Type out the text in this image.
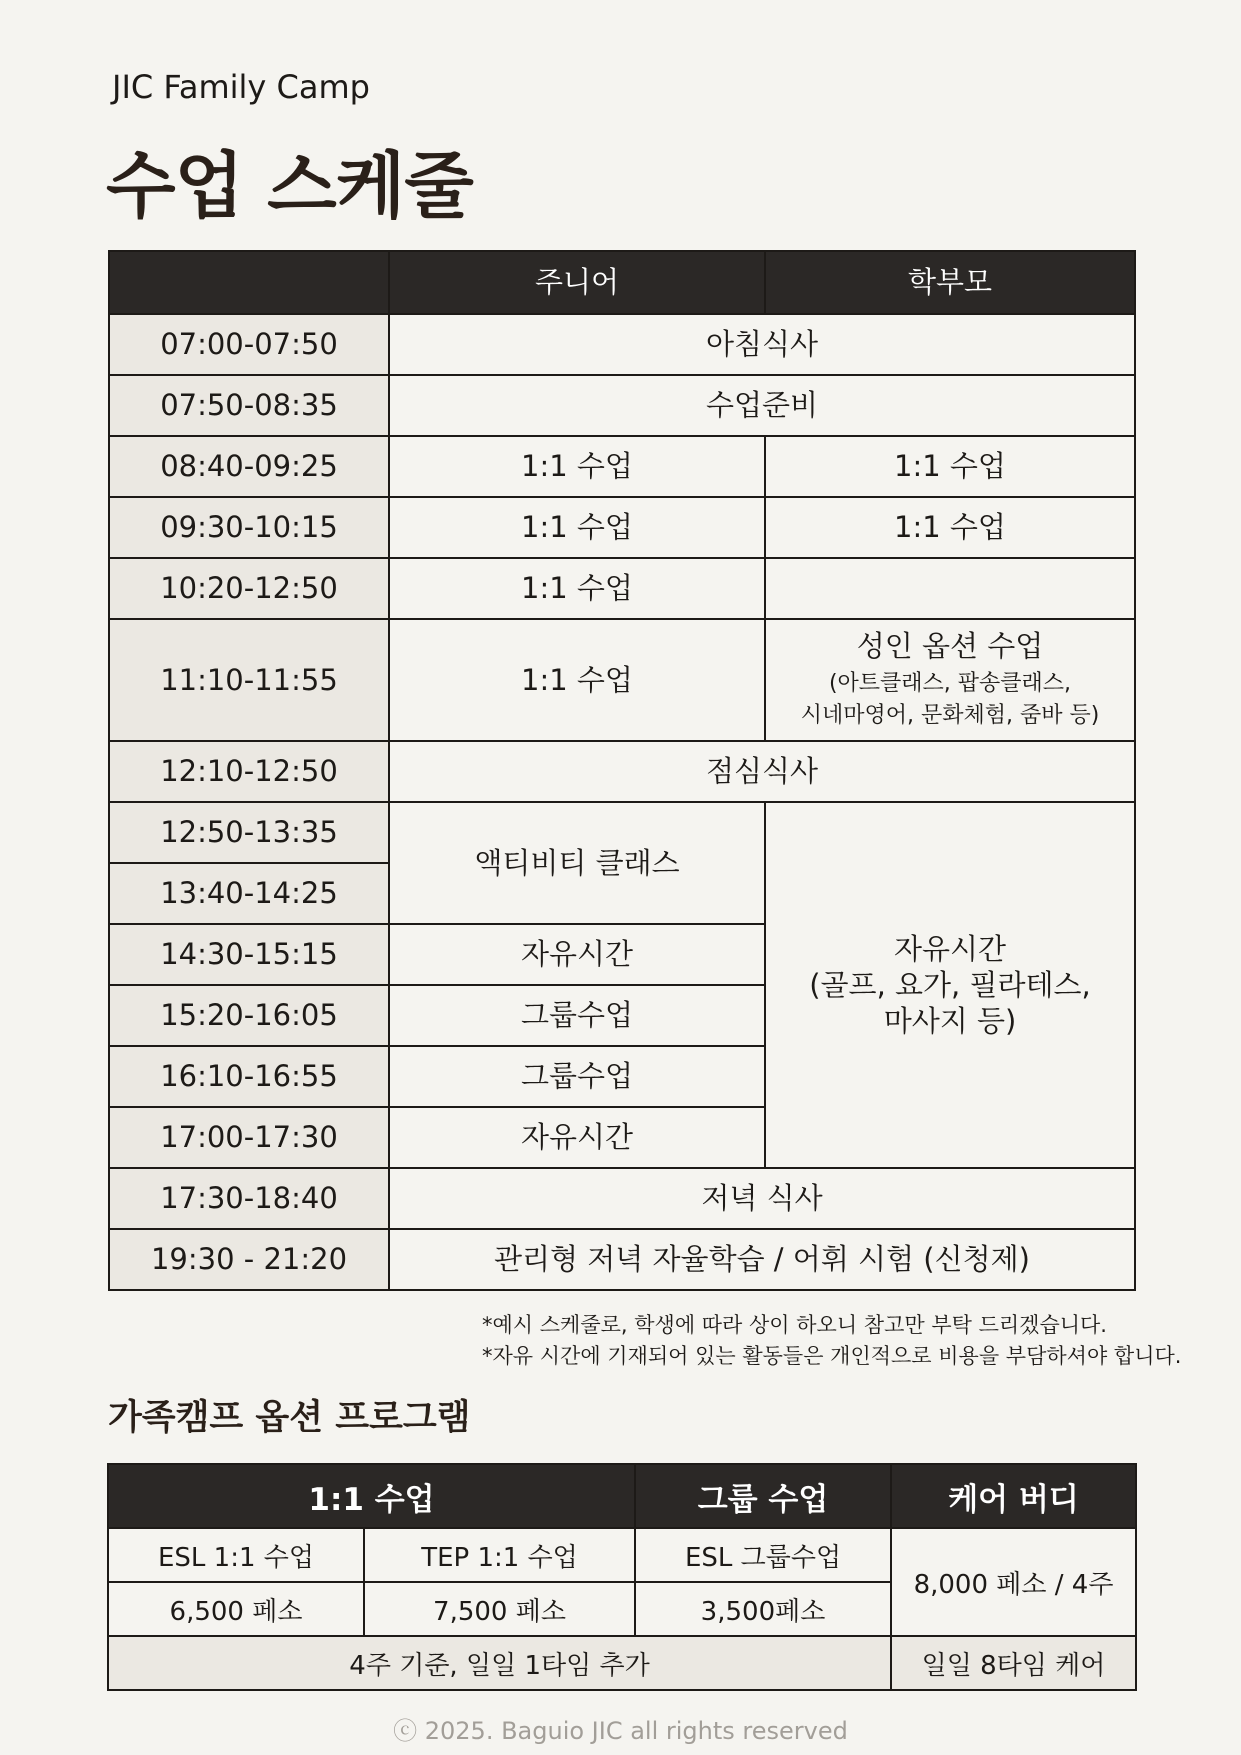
JIC Family Camp
수업 스케줄
	주니어	학부모
07:00-07:50	아침식사	
07:50-08:35	수업준비	
08:40-09:25	1:1 수업	1:1 수업
09:30-10:15	1:1 수업	1:1 수업
10:20-12:50	1:1 수업	
11:10-11:55	1:1 수업	성인 옵션 수업
(아트클래스, 팝송클래스,
시네마영어, 문화체험, 줌바 등)

12:10-12:50	점심식사	
12:50-13:35	액티비티 클래스	자유시간
(골프, 요가, 필라테스,
마사지 등)

13:40-14:25		
14:30-15:15	자유시간	
15:20-16:05	그룹수업	
16:10-16:55	그룹수업	
17:00-17:30	자유시간	
17:30-18:40	저녁 식사	
19:30 - 21:20	관리형 저녁 자율학습 / 어휘 시험 (신청제)	
*예시 스케줄로, 학생에 따라 상이 하오니 참고만 부탁 드리겠습니다.
*자유 시간에 기재되어 있는 활동들은 개인적으로 비용을 부담하셔야 합니다.
가족캠프 옵션 프로그램
1:1 수업		그룹 수업	케어 버디
ESL 1:1 수업	TEP 1:1 수업	ESL 그룹수업	8,000 페소 / 4주
6,500 페소	7,500 페소	3,500페소	
4주 기준, 일일 1타임 추가			일일 8타임 케어
ⓒ 2025. Baguio JIC all rights reserved
